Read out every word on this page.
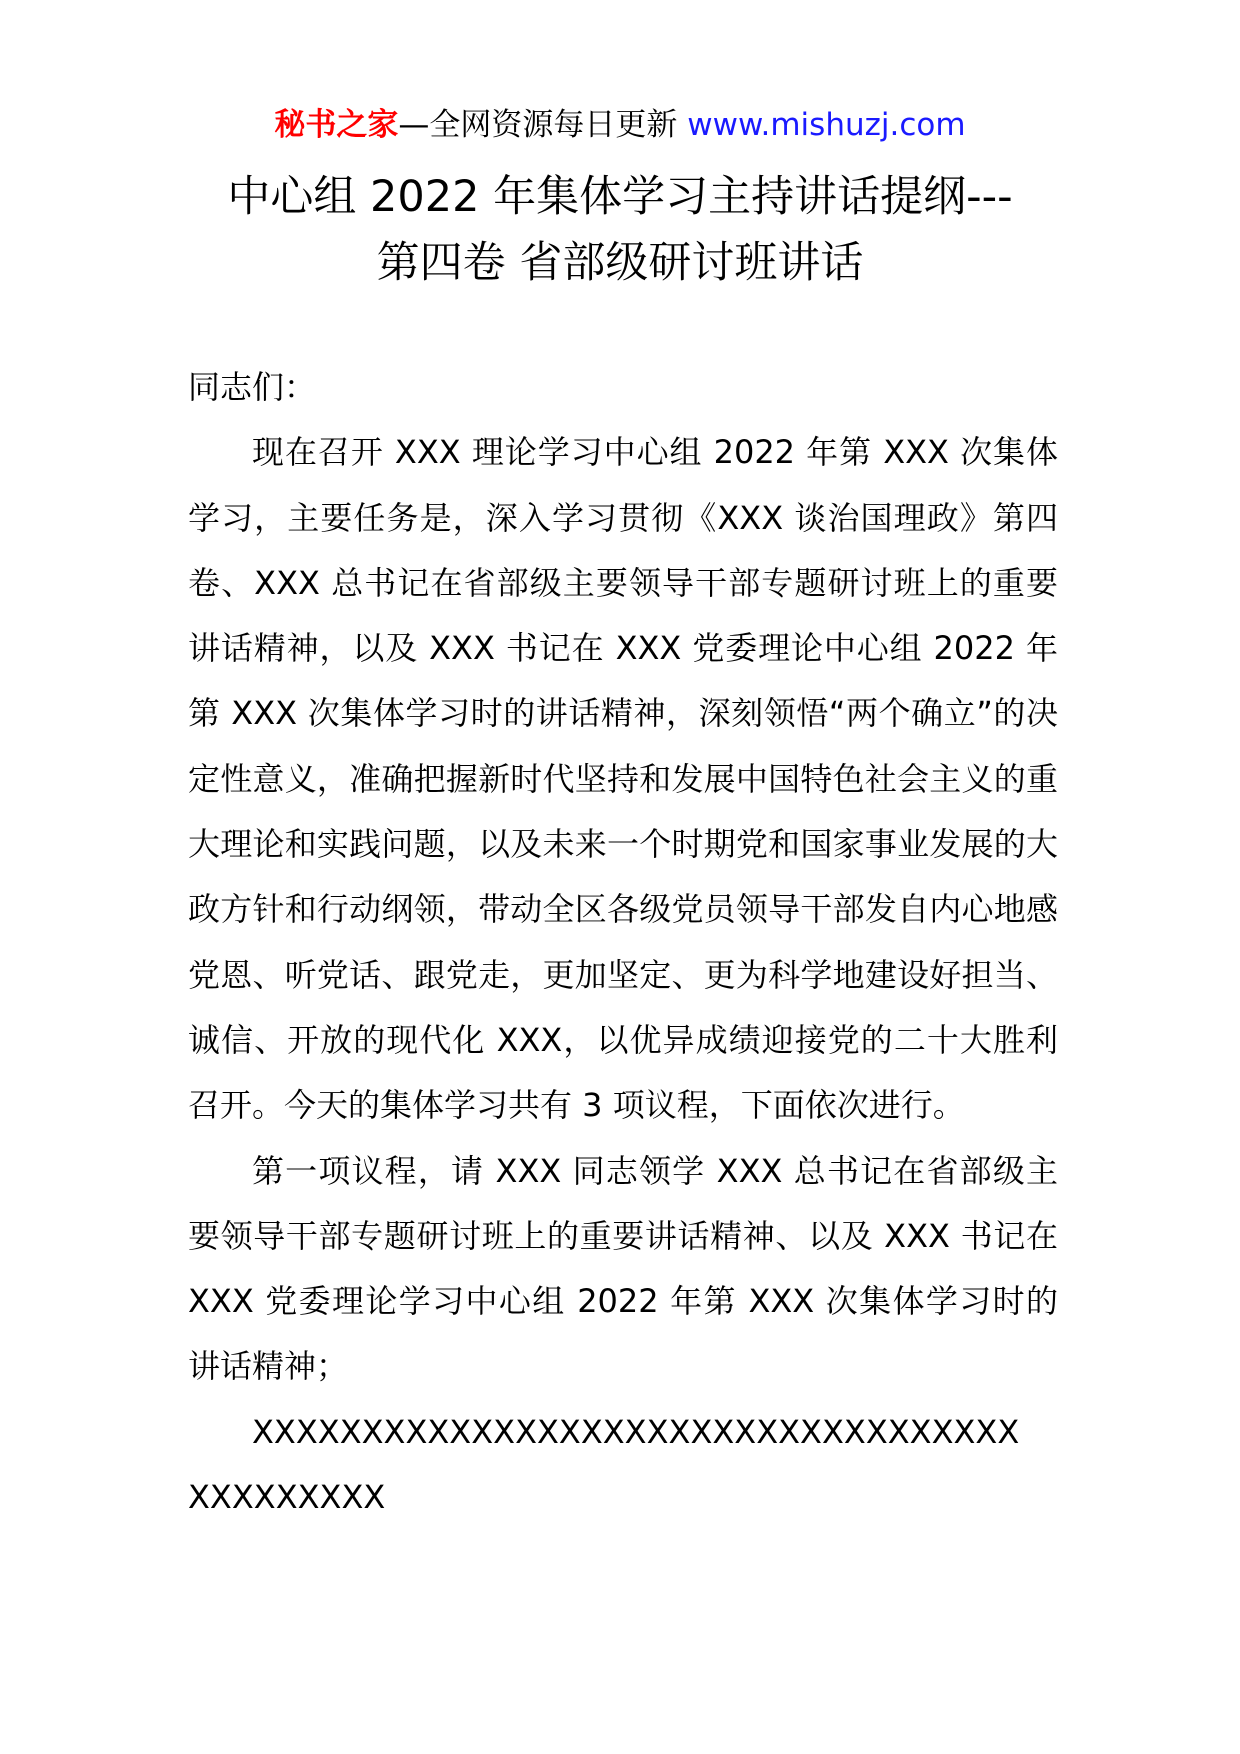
秘书之家—全网资源每日更新 www.mishuzj.com
中心组 2022 年集体学习主持讲话提纲---
第四卷 省部级研讨班讲话

同志们：

现在召开 XXX 理论学习中心组 2022 年第 XXX 次集体学习，主要任务是，深入学习贯彻《XXX 谈治国理政》第四卷、XXX 总书记在省部级主要领导干部专题研讨班上的重要讲话精神，以及 XXX 书记在 XXX 党委理论中心组 2022 年第 XXX 次集体学习时的讲话精神，深刻领悟“两个确立”的决定性意义，准确把握新时代坚持和发展中国特色社会主义的重大理论和实践问题，以及未来一个时期党和国家事业发展的大政方针和行动纲领，带动全区各级党员领导干部发自内心地感党恩、听党话、跟党走，更加坚定、更为科学地建设好担当、诚信、开放的现代化 XXX，以优异成绩迎接党的二十大胜利召开。今天的集体学习共有 3 项议程，下面依次进行。

第一项议程，请 XXX 同志领学 XXX 总书记在省部级主要领导干部专题研讨班上的重要讲话精神、以及 XXX 书记在 XXX 党委理论学习中心组 2022 年第 XXX 次集体学习时的讲话精神；

XXXXXXXXXXXXXXXXXXXXXXXXXXXXXXXXXXX

XXXXXXXXX
